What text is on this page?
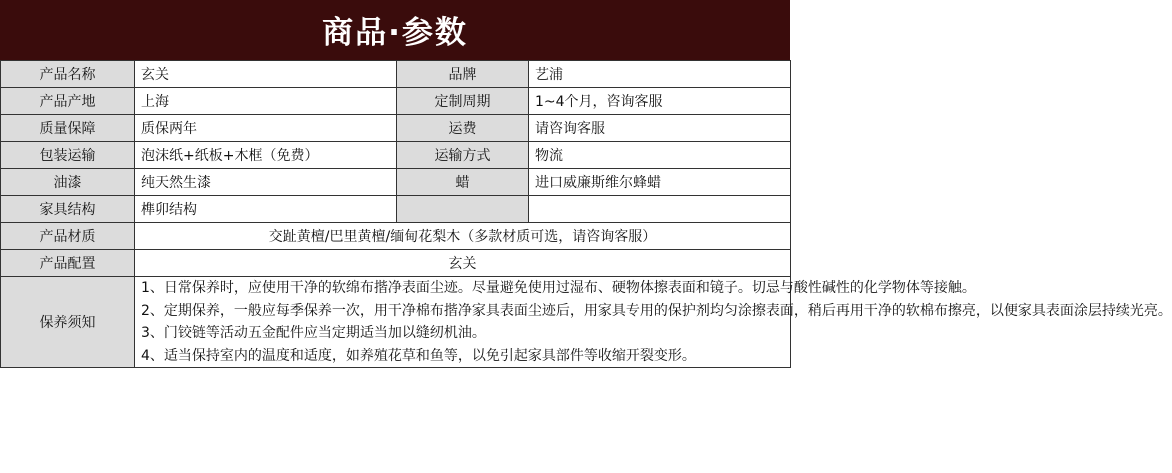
商品·参数
产品名称	玄关	品牌	艺浦
产品产地	上海	定制周期	1~4个月，咨询客服
质量保障	质保两年	运费	请咨询客服
包装运输	泡沫纸+纸板+木框（免费）	运输方式	物流
油漆	纯天然生漆	蜡	进口威廉斯维尔蜂蜡
家具结构	榫卯结构		
产品材质	交趾黄檀/巴里黄檀/缅甸花梨木（多款材质可选，请咨询客服）		
产品配置	玄关		
保养须知	1、日常保养时，应使用干净的软绵布揩净表面尘迹。尽量避免使用过湿布、硬物体擦表面和镜子。切忌与酸性碱性的化学物体等接触。
2、定期保养，一般应每季保养一次，用干净棉布揩净家具表面尘迹后，用家具专用的保护剂均匀涂擦表面，稍后再用干净的软棉布擦亮，以便家具表面涂层持续光亮。
3、门铰链等活动五金配件应当定期适当加以缝纫机油。
4、适当保持室内的温度和适度，如养殖花草和鱼等，以免引起家具部件等收缩开裂变形。		
